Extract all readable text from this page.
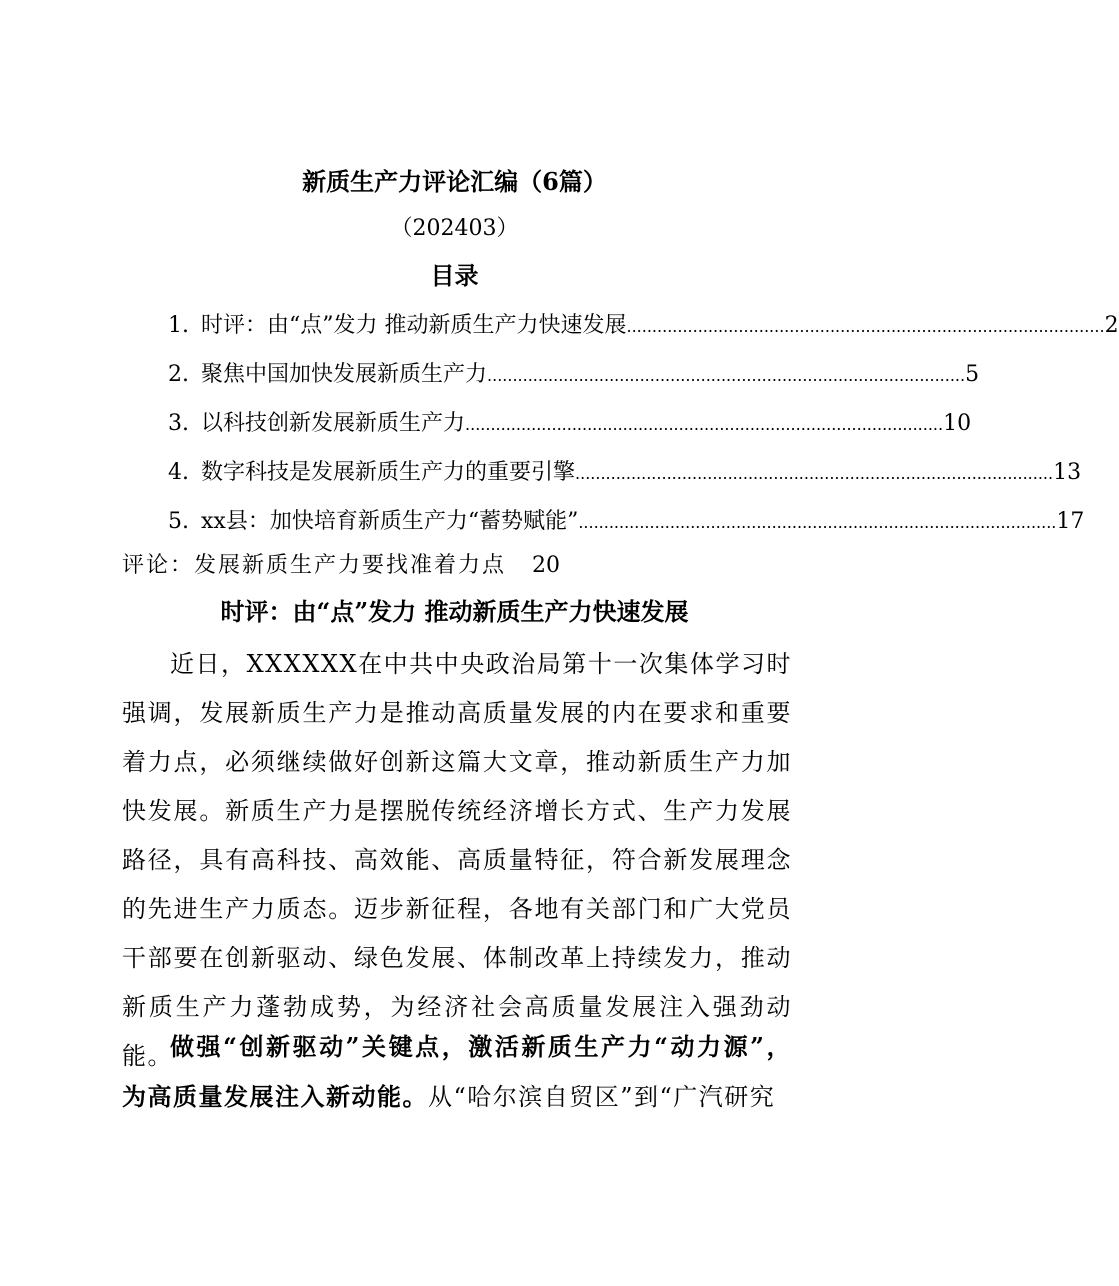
新质生产力评论汇编（6篇）
（202403）
目录
1. 时评：由“点”发力 推动新质生产力快速发展 .............................................................................................. 2
2. 聚焦中国加快发展新质生产力 .............................................................................................. 5
3. 以科技创新发展新质生产力 .............................................................................................. 10
4. 数字科技是发展新质生产力的重要引擎 .............................................................................................. 13
5. xx县：加快培育新质生产力“蓄势赋能” .............................................................................................. 17
评论：发展新质生产力要找准着力点 20
时评：由“点”发力 推动新质生产力快速发展
近日，XXXXXX在中共中央政治局第十一次集体学习时强调，发展新质生产力是推动高质量发展的内在要求和重要着力点，必须继续做好创新这篇大文章，推动新质生产力加快发展。新质生产力是摆脱传统经济增长方式、生产力发展路径，具有高科技、高效能、高质量特征，符合新发展理念的先进生产力质态。迈步新征程，各地有关部门和广大党员干部要在创新驱动、绿色发展、体制改革上持续发力，推动新质生产力蓬勃成势，为经济社会高质量发展注入强劲动能。
做强“创新驱动”关键点，激活新质生产力“动力源”，为高质量发展注入新动能。从“哈尔滨自贸区”到“广汽研究
